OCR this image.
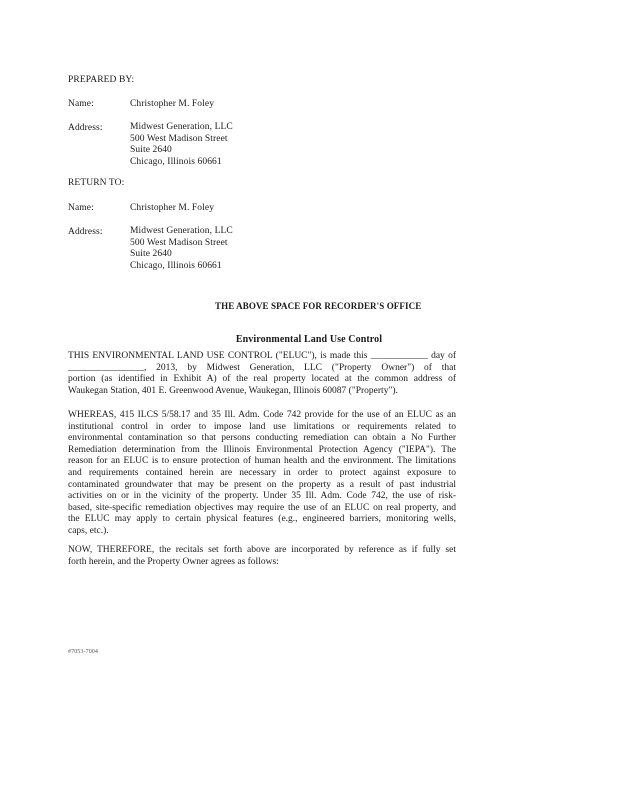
PREPARED BY:
Name:	Christopher M. Foley
Address:	Midwest Generation, LLC
500 West Madison Street
Suite 2640
Chicago, Illinois 60661
RETURN TO:
Name:	Christopher M. Foley
Address:	Midwest Generation, LLC
500 West Madison Street
Suite 2640
Chicago, Illinois 60661
THE ABOVE SPACE FOR RECORDER'S OFFICE
Environmental Land Use Control
THIS ENVIRONMENTAL LAND USE CONTROL ("ELUC"), is made this ____________ day of
________________, 2013, by Midwest Generation, LLC ("Property Owner") of that
portion (as identified in Exhibit A) of the real property located at the common address of
Waukegan Station, 401 E. Greenwood Avenue, Waukegan, Illinois 60087 ("Property").
WHEREAS, 415 ILCS 5/58.17 and 35 Ill. Adm. Code 742 provide for the use of an ELUC as an
institutional control in order to impose land use limitations or requirements related to
environmental contamination so that persons conducting remediation can obtain a No Further
Remediation determination from the Illinois Environmental Protection Agency ("IEPA"). The
reason for an ELUC is to ensure protection of human health and the environment. The limitations
and requirements contained herein are necessary in order to protect against exposure to
contaminated groundwater that may be present on the property as a result of past industrial
activities on or in the vicinity of the property. Under 35 Ill. Adm. Code 742, the use of risk-
based, site-specific remediation objectives may require the use of an ELUC on real property, and
the ELUC may apply to certain physical features (e.g., engineered barriers, monitoring wells,
caps, etc.).
NOW, THEREFORE, the recitals set forth above are incorporated by reference as if fully set
forth herein, and the Property Owner agrees as follows:
#7053-7004
